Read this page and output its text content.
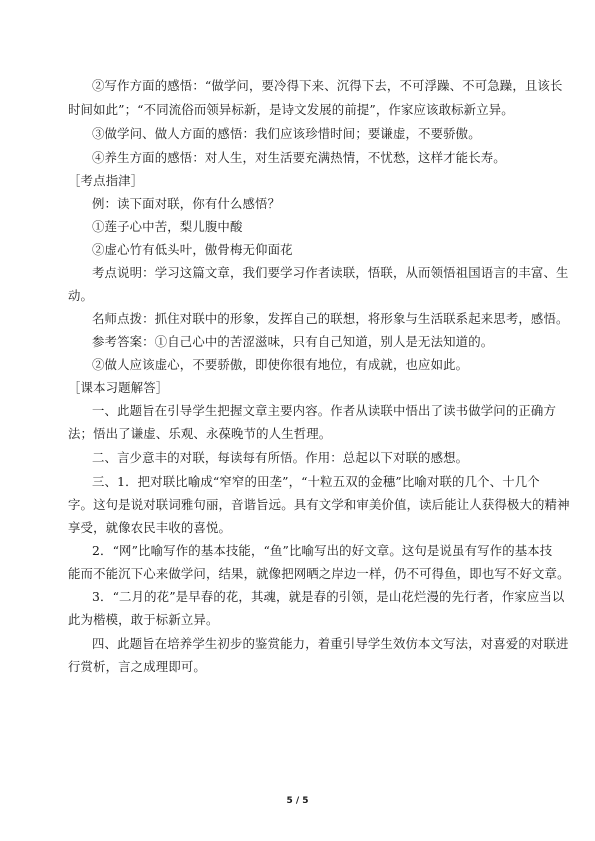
②写作方面的感悟：“做学问，要冷得下来、沉得下去，不可浮躁、不可急躁，且该长
时间如此”；“不同流俗而领异标新，是诗文发展的前提”，作家应该敢标新立异。
③做学问、做人方面的感悟：我们应该珍惜时间；要谦虚，不要骄傲。
④养生方面的感悟：对人生，对生活要充满热情，不忧愁，这样才能长寿。
［考点指津］
例：读下面对联，你有什么感悟？
①莲子心中苦，梨儿腹中酸
②虚心竹有低头叶，傲骨梅无仰面花
考点说明：学习这篇文章，我们要学习作者读联，悟联，从而领悟祖国语言的丰富、生
动。
名师点拨：抓住对联中的形象，发挥自己的联想，将形象与生活联系起来思考，感悟。
参考答案：①自己心中的苦涩滋味，只有自己知道，别人是无法知道的。
②做人应该虚心，不要骄傲，即使你很有地位，有成就，也应如此。
［课本习题解答］
一、此题旨在引导学生把握文章主要内容。作者从读联中悟出了读书做学问的正确方
法；悟出了谦虚、乐观、永葆晚节的人生哲理。
二、言少意丰的对联，每读每有所悟。作用：总起以下对联的感想。
三、1．把对联比喻成“窄窄的田垄”，“十粒五双的金穗”比喻对联的几个、十几个
字。这句是说对联词雅句丽，音谐旨远。具有文学和审美价值，读后能让人获得极大的精神
享受，就像农民丰收的喜悦。
2．“网”比喻写作的基本技能，“鱼”比喻写出的好文章。这句是说虽有写作的基本技
能而不能沉下心来做学问，结果，就像把网晒之岸边一样，仍不可得鱼，即也写不好文章。
3．“二月的花”是早春的花，其魂，就是春的引领，是山花烂漫的先行者，作家应当以
此为楷模，敢于标新立异。
四、此题旨在培养学生初步的鉴赏能力，着重引导学生效仿本文写法，对喜爱的对联进
行赏析，言之成理即可。
5 / 5
